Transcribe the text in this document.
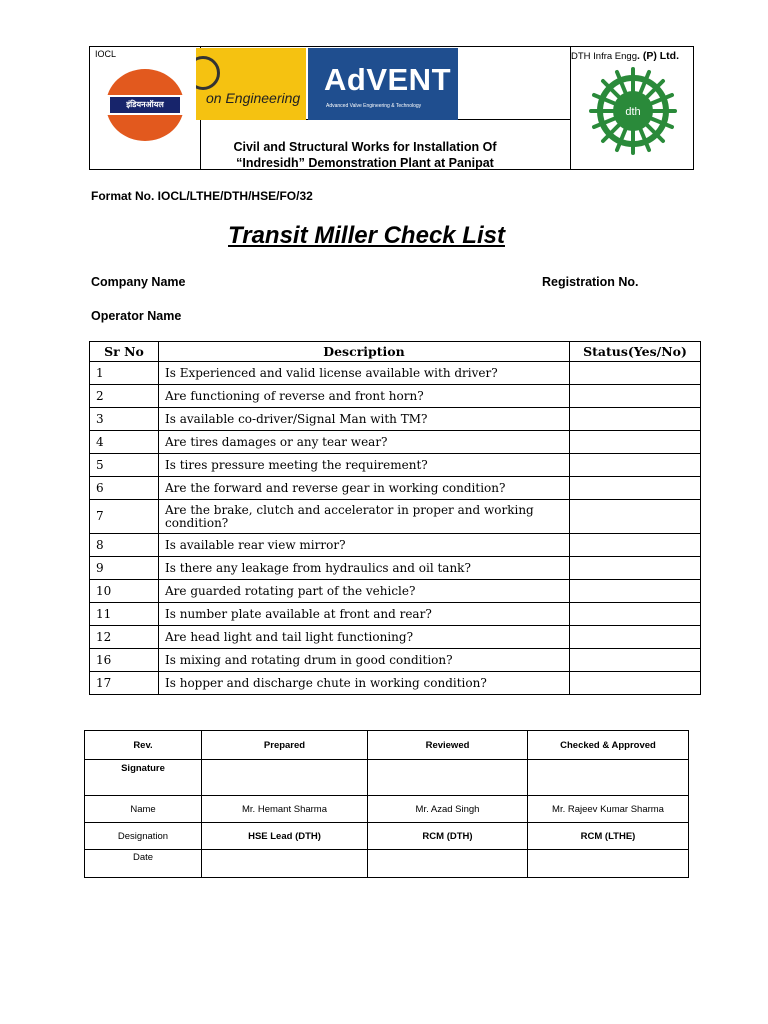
IOCL
इंडियनऑयल
Civil and Structural Works for Installation Of
“Indresidh” Demonstration Plant at Panipat
DTH Infra Engg. (P) Ltd.
dth
on Engineering
AdVENT
Advanced Valve Engineering & Technology
Format No. IOCL/LTHE/DTH/HSE/FO/32
Transit Miller Check List
Company Name	Registration No.
Operator Name
Sr No	Description	Status(Yes/No)
1	Is Experienced and valid license available with driver?	
2	Are functioning of reverse and front horn?	
3	Is available co-driver/Signal Man with TM?	
4	Are tires damages or any tear wear?	
5	Is tires pressure meeting the requirement?	
6	Are the forward and reverse gear in working condition?	
7	Are the brake, clutch and accelerator in proper and working condition?	
8	Is available rear view mirror?	
9	Is there any leakage from hydraulics and oil tank?	
10	Are guarded rotating part of the vehicle?	
11	Is number plate available at front and rear?	
12	Are head light and tail light functioning?	
16	Is mixing and rotating drum in good condition?	
17	Is hopper and discharge chute in working condition?	
Rev.	Prepared	Reviewed	Checked & Approved
Signature			
Name	Mr. Hemant Sharma	Mr. Azad Singh	Mr. Rajeev Kumar Sharma
Designation	HSE Lead (DTH)	RCM (DTH)	RCM (LTHE)
Date			
